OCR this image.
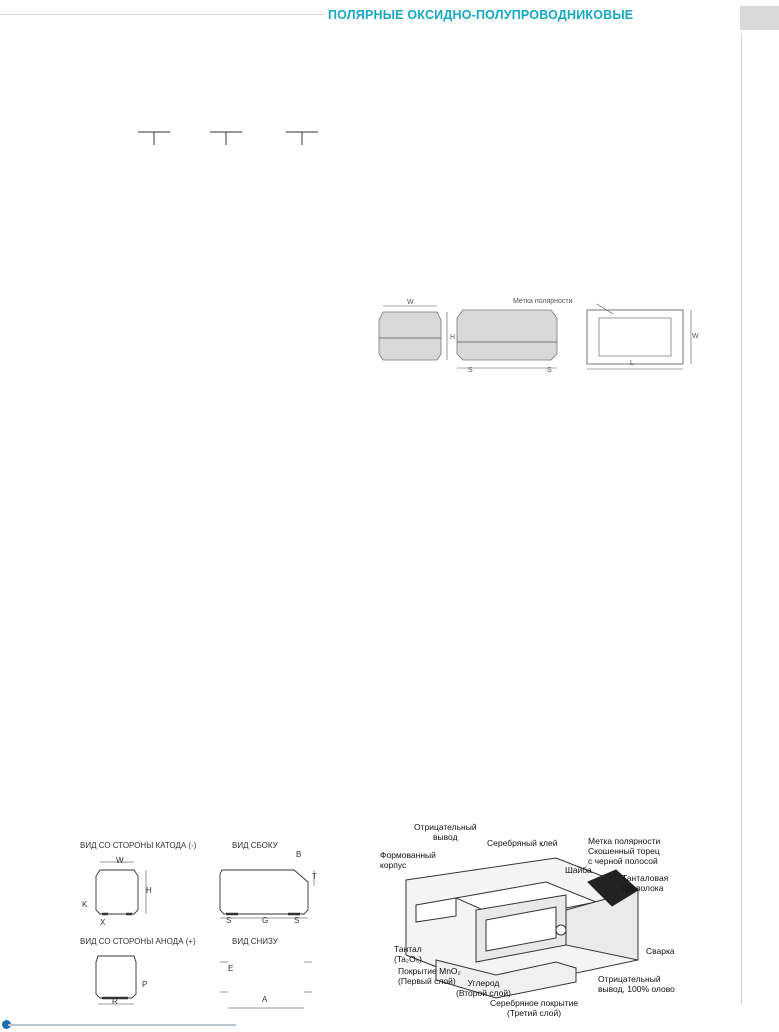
ПОЛЯРНЫЕ ОКСИДНО-ПОЛУПРОВОДНИКОВЫЕ
W
H
S	S
Метка полярности
L
W
ВИД СО СТОРОНЫ КАТОДА (-)	ВИД СБОКУ
ВИД СО СТОРОНЫ АНОДА (+)	ВИД СНИЗУ
W
H
K
X
B
T
S	G	S
P
R
E
A
Отрицательный
вывод
Серебряный клей
Формованный
корпус
Метка полярности
Скошенный торец
с черной полосой
Шайба
Танталовая
проволока
Тантал
(Ta₂O₅)
Покрытие MnO₂
(Первый слой)	Углерод
(Второй слой)
Сварка
Серебряное покрытие
(Третий слой)
Отрицательный
вывод, 100% олово
